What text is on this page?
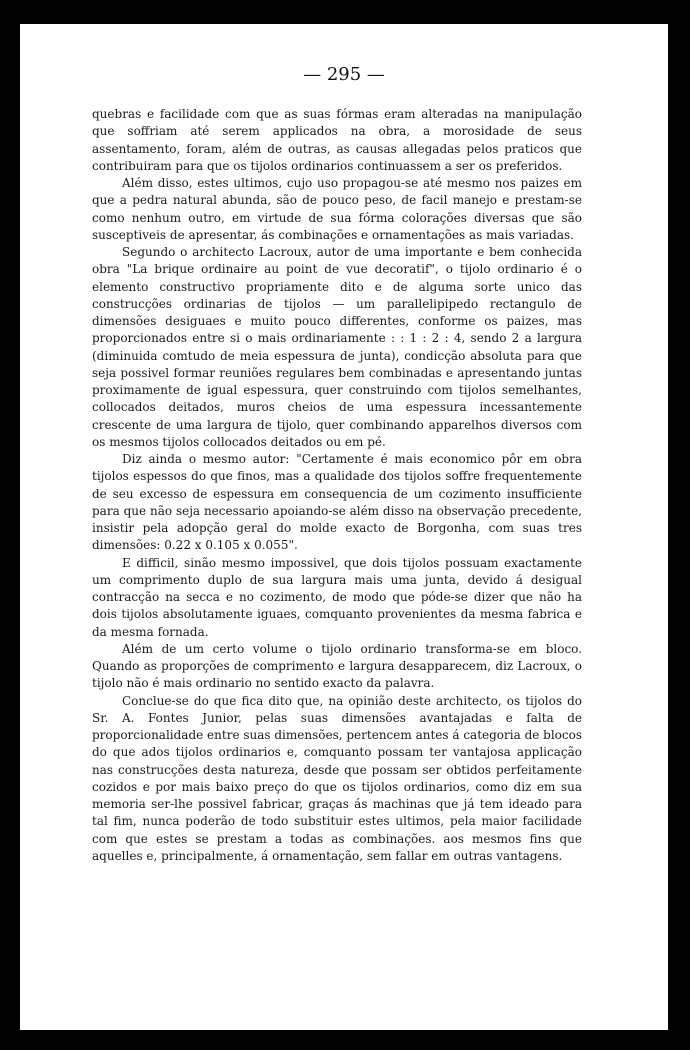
— 295 —

quebras e facilidade com que as suas fórmas eram alteradas na manipulação que soffriam até serem applicados na obra, a morosidade de seus assentamento, foram, além de outras, as causas allegadas pelos praticos que contribuiram para que os tijolos ordinarios continuassem a ser os preferidos.

Além disso, estes ultimos, cujo uso propagou-se até mesmo nos paizes em que a pedra natural abunda, são de pouco peso, de facil manejo e prestam-se como nenhum outro, em virtude de sua fórma colorações diversas que são susceptiveis de apresentar, ás combinações e ornamentações as mais variadas.

Segundo o architecto Lacroux, autor de uma importante e bem conhecida obra "La brique ordinaire au point de vue decoratif", o tijolo ordinario é o elemento constructivo propriamente dito e de alguma sorte unico das construcções ordinarias de tijolos — um parallelipipedo rectangulo de dimensões desiguaes e muito pouco differentes, conforme os paizes, mas proporcionados entre si o mais ordinariamente : : 1 : 2 : 4, sendo 2 a largura (diminuida comtudo de meia espessura de junta), condicção absoluta para que seja possivel formar reuniões regulares bem combinadas e apresentando juntas proximamente de igual espessura, quer construindo com tijolos semelhantes, collocados deitados, muros cheios de uma espessura incessantemente crescente de uma largura de tijolo, quer combinando apparelhos diversos com os mesmos tijolos collocados deitados ou em pé.

Diz ainda o mesmo autor: "Certamente é mais economico pôr em obra tijolos espessos do que finos, mas a qualidade dos tijolos soffre frequentemente de seu excesso de espessura em consequencia de um cozimento insufficiente para que não seja necessario apoiando-se além disso na observação precedente, insistir pela adopção geral do molde exacto de Borgonha, com suas tres dimensões: 0.22 x 0.105 x 0.055".

E difficil, sinão mesmo impossivel, que dois tijolos possuam exactamente um comprimento duplo de sua largura mais uma junta, devido á desigual contracção na secca e no cozimento, de modo que póde-se dizer que não ha dois tijolos absolutamente iguaes, comquanto provenientes da mesma fabrica e da mesma fornada.

Além de um certo volume o tijolo ordinario transforma-se em bloco. Quando as proporções de comprimento e largura desapparecem, diz Lacroux, o tijolo não é mais ordinario no sentido exacto da palavra.

Conclue-se do que fica dito que, na opinião deste architecto, os tijolos do Sr. A. Fontes Junior, pelas suas dimensões avantajadas e falta de proporcionalidade entre suas dimensões, pertencem antes á categoria de blocos do que ados tijolos ordinarios e, comquanto possam ter vantajosa applicação nas construcções desta natureza, desde que possam ser obtidos perfeitamente cozidos e por mais baixo preço do que os tijolos ordinarios, como diz em sua memoria ser-lhe possivel fabricar, graças ás machinas que já tem ideado para tal fim, nunca poderão de todo substituir estes ultimos, pela maior facilidade com que estes se prestam a todas as combinações. aos mesmos fins que aquelles e, principalmente, á ornamentação, sem fallar em outras vantagens.
